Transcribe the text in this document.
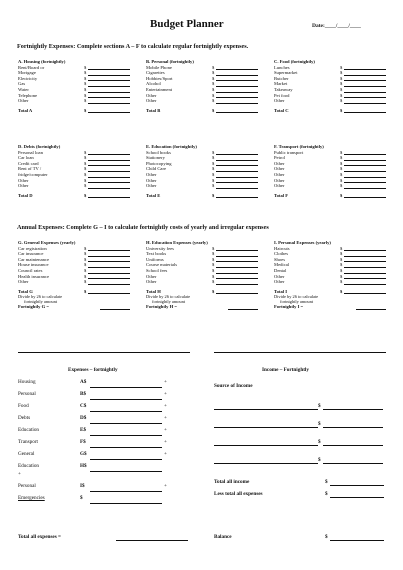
Budget Planner	Date:____/____/____
Fortnightly Expenses: Complete sections A – F to calculate regular fortnightly expenses.
A. Housing (fortnightly)
Rent/Board or	$
Mortgage	$
Electricity	$
Gas	$
Water	$
Telephone	$
Other	$
Total A	$
B. Personal (fortnightly)
Mobile Phone	$
Cigarettes	$
Hobbies/Sport	$
Alcohol	$
Entertainment	$
Other	$
Other	$
Total B	$
C. Food (fortnightly)
Lunches	$
Supermarket	$
Butcher	$
Market	$
Takeaway	$
Pet food	$
Other	$
Total C	$
D. Debts (fortnightly)
Personal loan	$
Car loan	$
Credit card	$
Rent of TV /	$
fridge/computer	$
Other	$
Other	$
Total D	$
E. Education (fortnightly)
School books	$
Stationery	$
Photocopying	$
Child Care	$
Other	$
Other	$
Other	$
Total E	$
F. Transport (fortnightly)
Public transport	$
Petrol	$
Other	$
Other	$
Other	$
Other	$
Other	$
Total F	$
Annual Expenses: Complete G – I to calculate fortnightly costs of yearly and irregular expenses
G. General Expenses (yearly)
Car registration	$
Car insurance	$
Car maintenance	$
House insurance	$
Council rates	$
Health insurance	$
Other	$
Total G	$
Divide by 26 to calculate
fortnightly amount
Fortnightly G =
H. Education Expenses (yearly)
University fees	$
Text books	$
Uniforms	$
Course materials	$
School fees	$
Other	$
Other	$
Total H	$
Divide by 26 to calculate
fortnightly amount
Fortnightly H =
I. Personal Expenses (yearly)
Haircuts	$
Clothes	$
Shoes	$
Medical	$
Dental	$
Other	$
Other	$
Total I	$
Divide by 26 to calculate
fortnightly amount
Fortnightly I =
Expenses – fortnightly
Housing	A$	+
Personal	B$	+
Food	C$	+
Debts	D$	+
Education	E$	+
Transport	F$	+
General	G$	+
Education	H$
+
Personal	I$	+
Emergencies	$
Total all expenses =
Income – Fortnightly
Source of Income
$
$
$
$
Total all income	$
Less total all expenses	$
Balance	$
